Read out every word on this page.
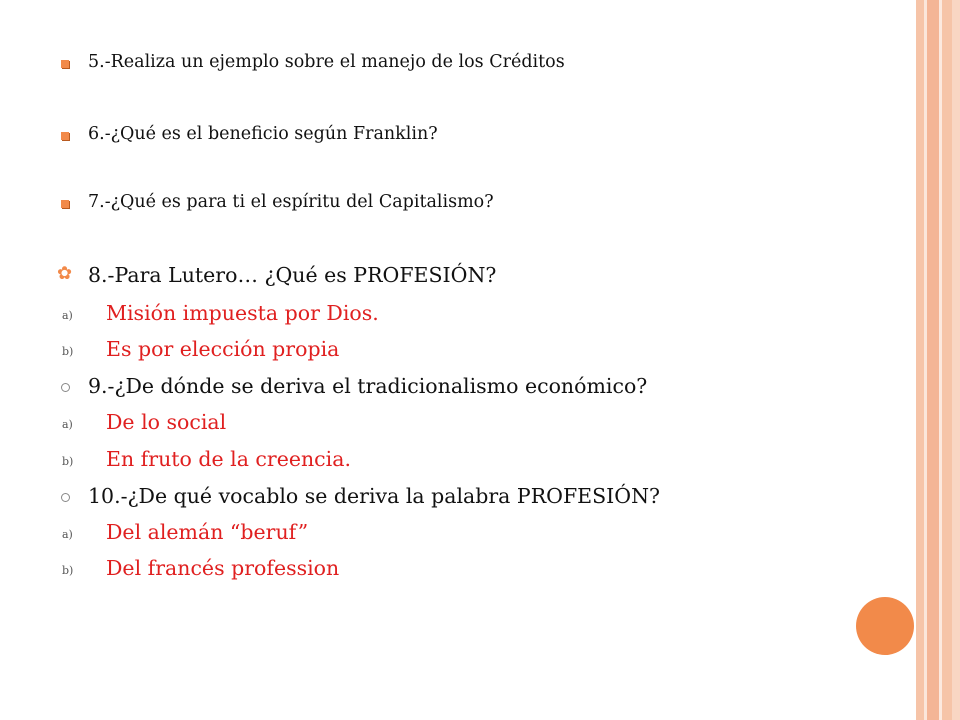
5.-Realiza un ejemplo sobre el manejo de los Créditos
6.-¿Qué es el beneficio según Franklin?
7.-¿Qué es para ti el espíritu del Capitalismo?
✿ 8.-Para Lutero… ¿Qué es PROFESIÓN?
a) Misión impuesta por Dios.
b) Es por elección propia
9.-¿De dónde se deriva el tradicionalismo económico?
a) De lo social
b) En fruto de la creencia.
10.-¿De qué vocablo se deriva la palabra PROFESIÓN?
a) Del alemán “beruf”
b) Del francés profession
